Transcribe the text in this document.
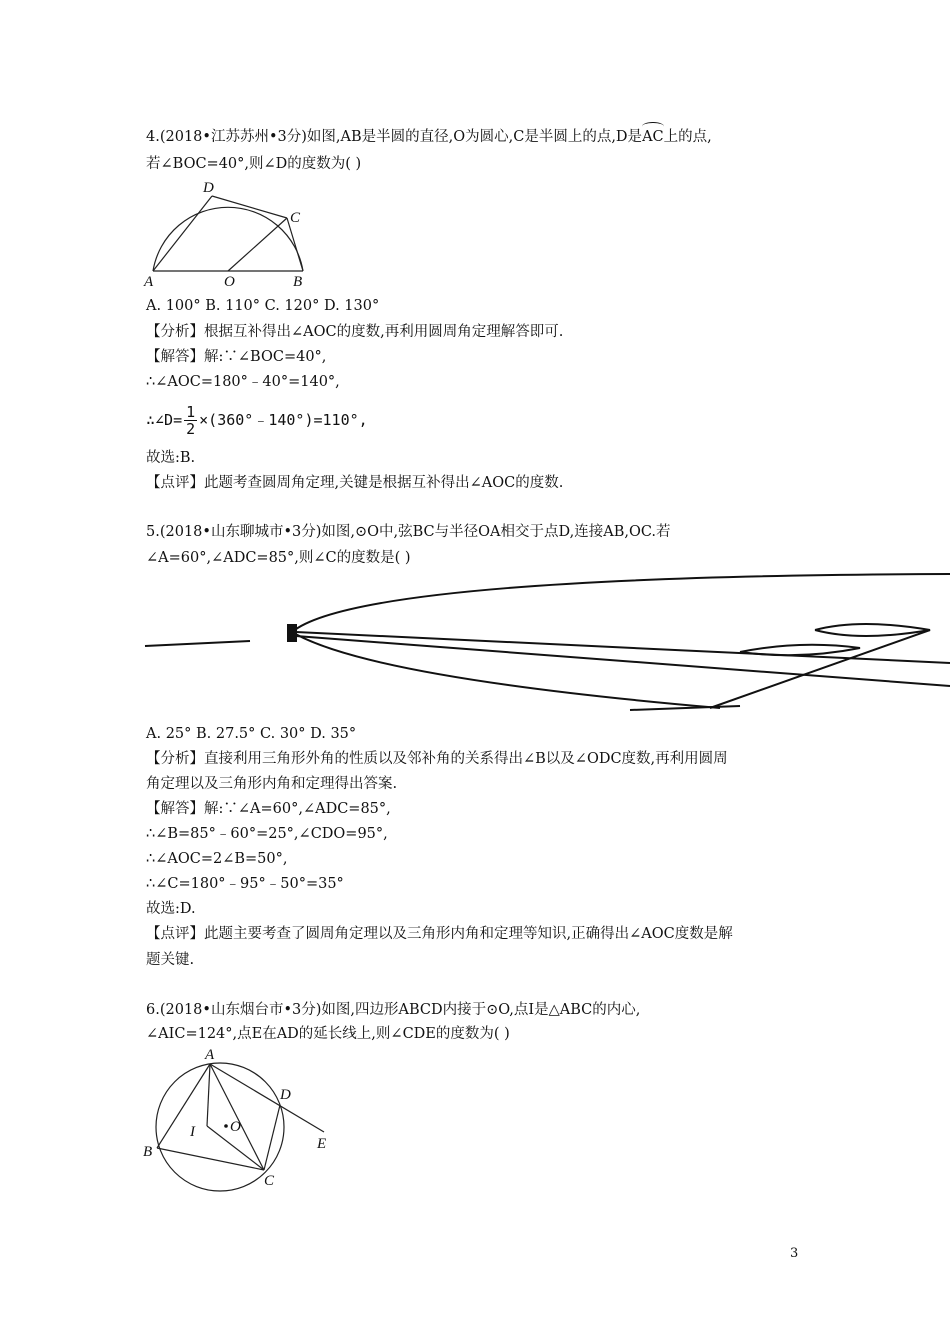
4.(2018•江苏苏州•3分)如图,AB是半圆的直径,O为圆心,C是半圆上的点,D是AC上的点,
若∠BOC=40°,则∠D的度数为( )
D
C
A	O	B
A. 100° B. 110° C. 120° D. 130°
【分析】根据互补得出∠AOC的度数,再利用圆周角定理解答即可.
【解答】解:∵∠BOC=40°,
∴∠AOC=180°﹣40°=140°,
∴∠D= $\frac{1}{2}$ ×(360°﹣140°)=110°,
故选:B.
【点评】此题考查圆周角定理,关键是根据互补得出∠AOC的度数.
5.(2018•山东聊城市•3分)如图,⊙O中,弦BC与半径OA相交于点D,连接AB,OC.若
∠A=60°,∠ADC=85°,则∠C的度数是( )
A. 25° B. 27.5° C. 30° D. 35°
【分析】直接利用三角形外角的性质以及邻补角的关系得出∠B以及∠ODC度数,再利用圆周
角定理以及三角形内角和定理得出答案.
【解答】解:∵∠A=60°,∠ADC=85°,
∴∠B=85°﹣60°=25°,∠CDO=95°,
∴∠AOC=2∠B=50°,
∴∠C=180°﹣95°﹣50°=35°
故选:D.
【点评】此题主要考查了圆周角定理以及三角形内角和定理等知识,正确得出∠AOC度数是解
题关键.
6.(2018•山东烟台市•3分)如图,四边形ABCD内接于⊙O,点I是△ABC的内心,
∠AIC=124°,点E在AD的延长线上,则∠CDE的度数为( )
A
D
E
I O
B
C
3
